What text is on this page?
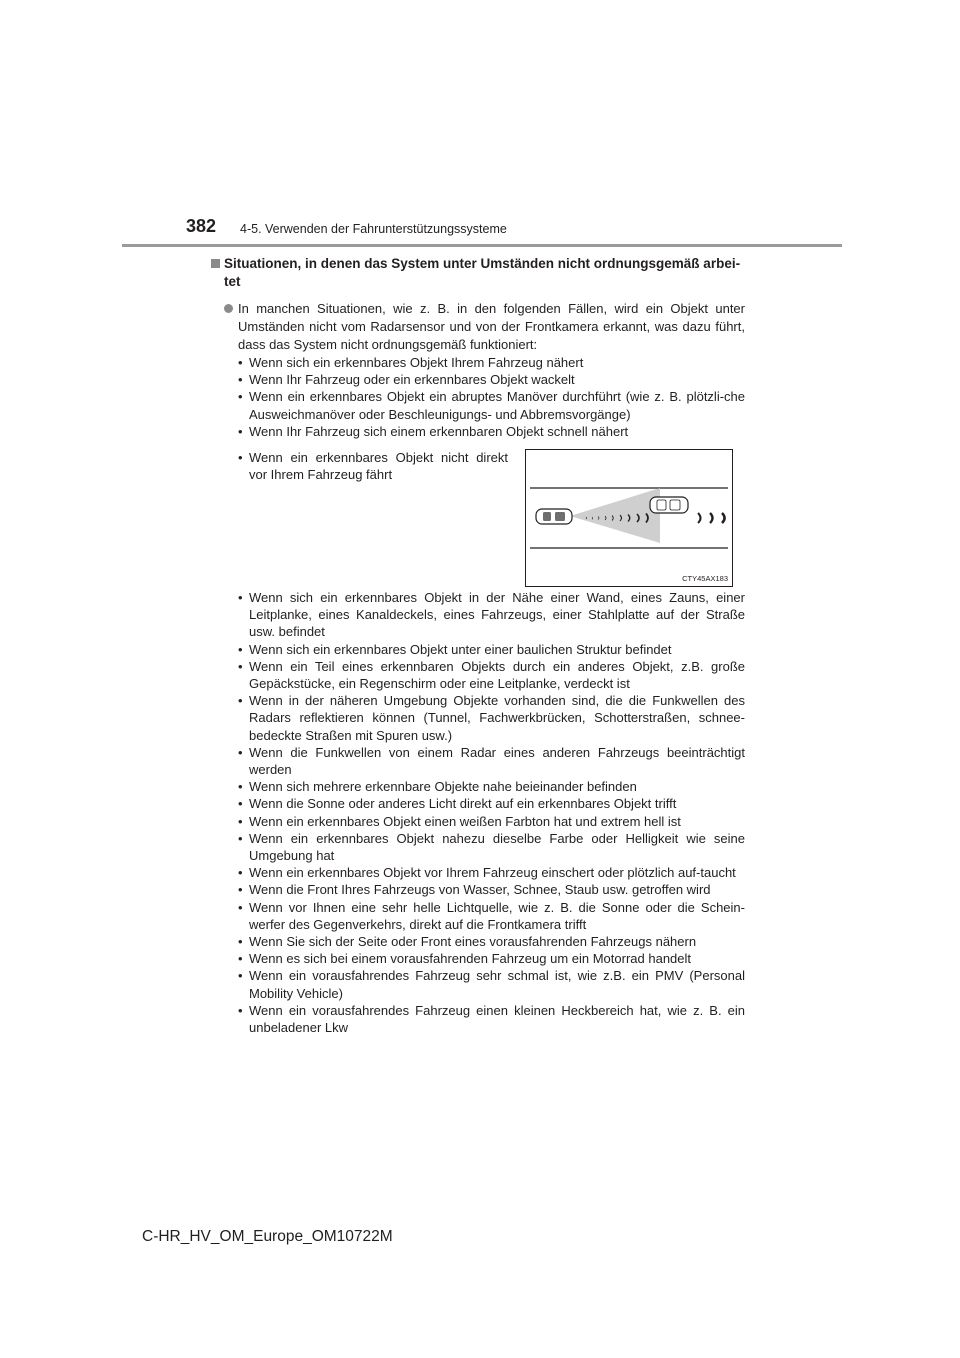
382 4-5. Verwenden der Fahrunterstützungssysteme
Situationen, in denen das System unter Umständen nicht ordnungsgemäß arbei-tet
In manchen Situationen, wie z. B. in den folgenden Fällen, wird ein Objekt unter Umständen nicht vom Radarsensor und von der Frontkamera erkannt, was dazu führt, dass das System nicht ordnungsgemäß funktioniert:
• Wenn sich ein erkennbares Objekt Ihrem Fahrzeug nähert
• Wenn Ihr Fahrzeug oder ein erkennbares Objekt wackelt
• Wenn ein erkennbares Objekt ein abruptes Manöver durchführt (wie z. B. plötzli-che Ausweichmanöver oder Beschleunigungs- und Abbremsvorgänge)
• Wenn Ihr Fahrzeug sich einem erkennbaren Objekt schnell nähert
• Wenn ein erkennbares Objekt nicht direkt vor Ihrem Fahrzeug fährt
CTY45AX183
• Wenn sich ein erkennbares Objekt in der Nähe einer Wand, eines Zauns, einer Leitplanke, eines Kanaldeckels, eines Fahrzeugs, einer Stahlplatte auf der Straße usw. befindet
• Wenn sich ein erkennbares Objekt unter einer baulichen Struktur befindet
• Wenn ein Teil eines erkennbaren Objekts durch ein anderes Objekt, z.B. große Gepäckstücke, ein Regenschirm oder eine Leitplanke, verdeckt ist
• Wenn in der näheren Umgebung Objekte vorhanden sind, die die Funkwellen des Radars reflektieren können (Tunnel, Fachwerkbrücken, Schotterstraßen, schnee-bedeckte Straßen mit Spuren usw.)
• Wenn die Funkwellen von einem Radar eines anderen Fahrzeugs beeinträchtigt werden
• Wenn sich mehrere erkennbare Objekte nahe beieinander befinden
• Wenn die Sonne oder anderes Licht direkt auf ein erkennbares Objekt trifft
• Wenn ein erkennbares Objekt einen weißen Farbton hat und extrem hell ist
• Wenn ein erkennbares Objekt nahezu dieselbe Farbe oder Helligkeit wie seine Umgebung hat
• Wenn ein erkennbares Objekt vor Ihrem Fahrzeug einschert oder plötzlich auf-taucht
• Wenn die Front Ihres Fahrzeugs von Wasser, Schnee, Staub usw. getroffen wird
• Wenn vor Ihnen eine sehr helle Lichtquelle, wie z. B. die Sonne oder die Schein-werfer des Gegenverkehrs, direkt auf die Frontkamera trifft
• Wenn Sie sich der Seite oder Front eines vorausfahrenden Fahrzeugs nähern
• Wenn es sich bei einem vorausfahrenden Fahrzeug um ein Motorrad handelt
• Wenn ein vorausfahrendes Fahrzeug sehr schmal ist, wie z.B. ein PMV (Personal Mobility Vehicle)
• Wenn ein vorausfahrendes Fahrzeug einen kleinen Heckbereich hat, wie z. B. ein unbeladener Lkw
C-HR_HV_OM_Europe_OM10722M
